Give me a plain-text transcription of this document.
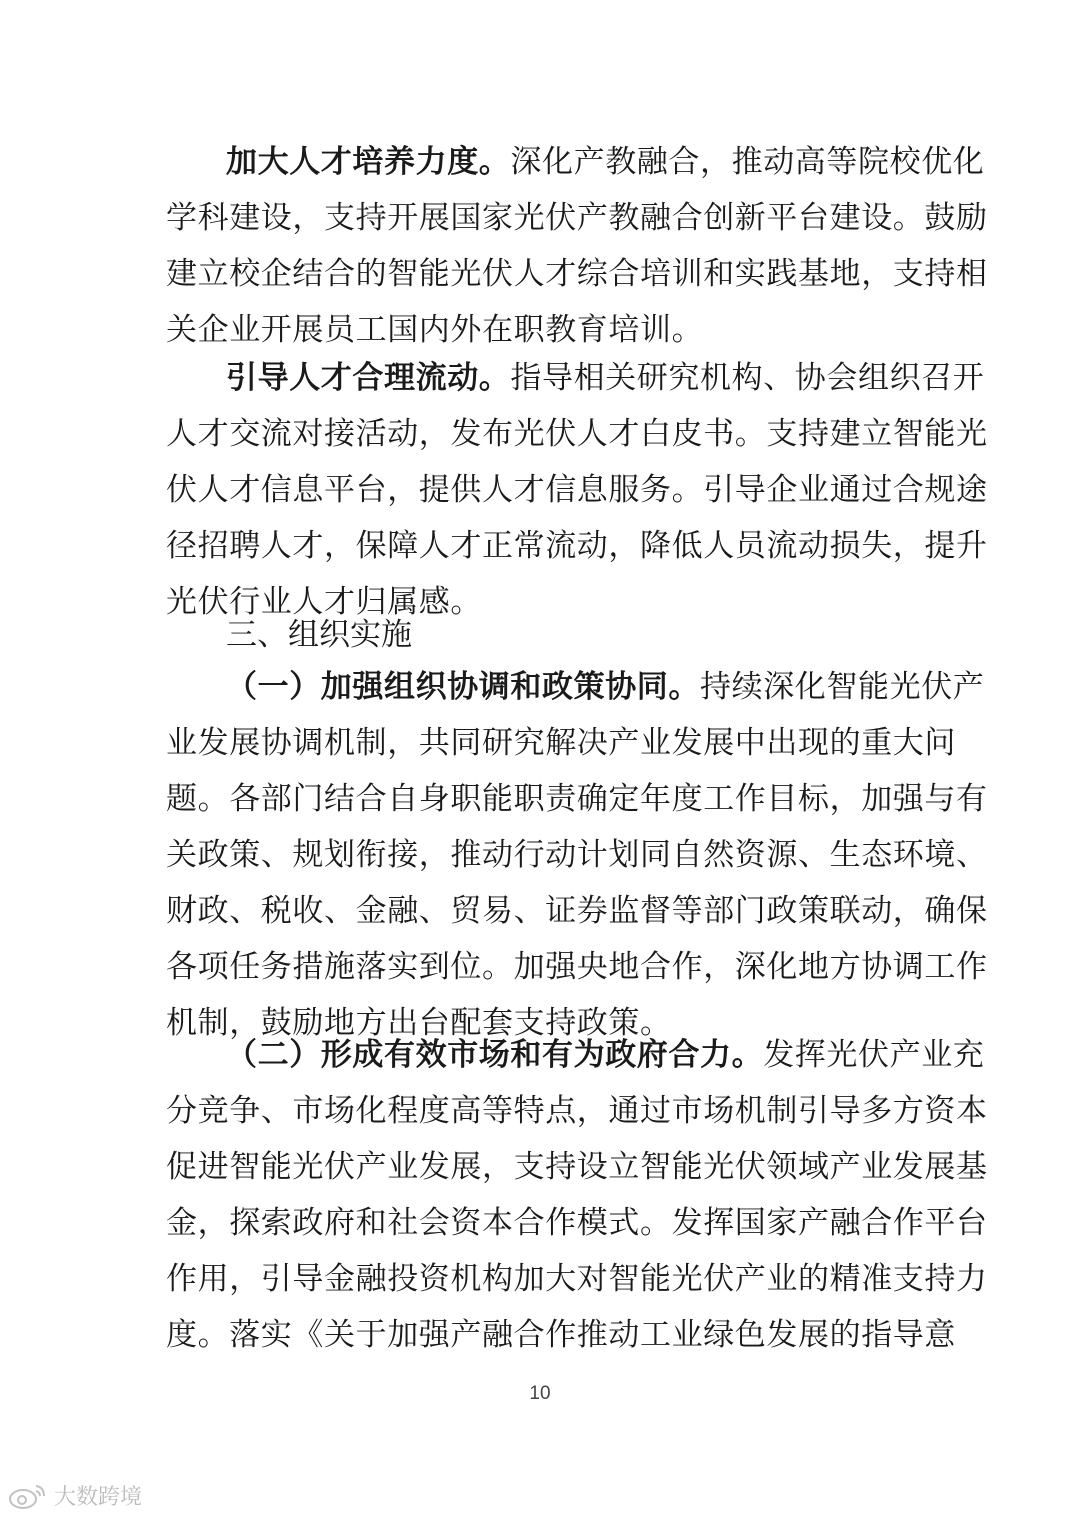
加大人才培养力度。深化产教融合，推动高等院校优化
学科建设，支持开展国家光伏产教融合创新平台建设。鼓励
建立校企结合的智能光伏人才综合培训和实践基地，支持相
关企业开展员工国内外在职教育培训。
引导人才合理流动。指导相关研究机构、协会组织召开
人才交流对接活动，发布光伏人才白皮书。支持建立智能光
伏人才信息平台，提供人才信息服务。引导企业通过合规途
径招聘人才，保障人才正常流动，降低人员流动损失，提升
光伏行业人才归属感。
三、组织实施
（一）加强组织协调和政策协同。持续深化智能光伏产
业发展协调机制，共同研究解决产业发展中出现的重大问
题。各部门结合自身职能职责确定年度工作目标，加强与有
关政策、规划衔接，推动行动计划同自然资源、生态环境、
财政、税收、金融、贸易、证券监督等部门政策联动，确保
各项任务措施落实到位。加强央地合作，深化地方协调工作
机制，鼓励地方出台配套支持政策。
（二）形成有效市场和有为政府合力。发挥光伏产业充
分竞争、市场化程度高等特点，通过市场机制引导多方资本
促进智能光伏产业发展，支持设立智能光伏领域产业发展基
金，探索政府和社会资本合作模式。发挥国家产融合作平台
作用，引导金融投资机构加大对智能光伏产业的精准支持力
度。落实《关于加强产融合作推动工业绿色发展的指导意
10
大数跨境
